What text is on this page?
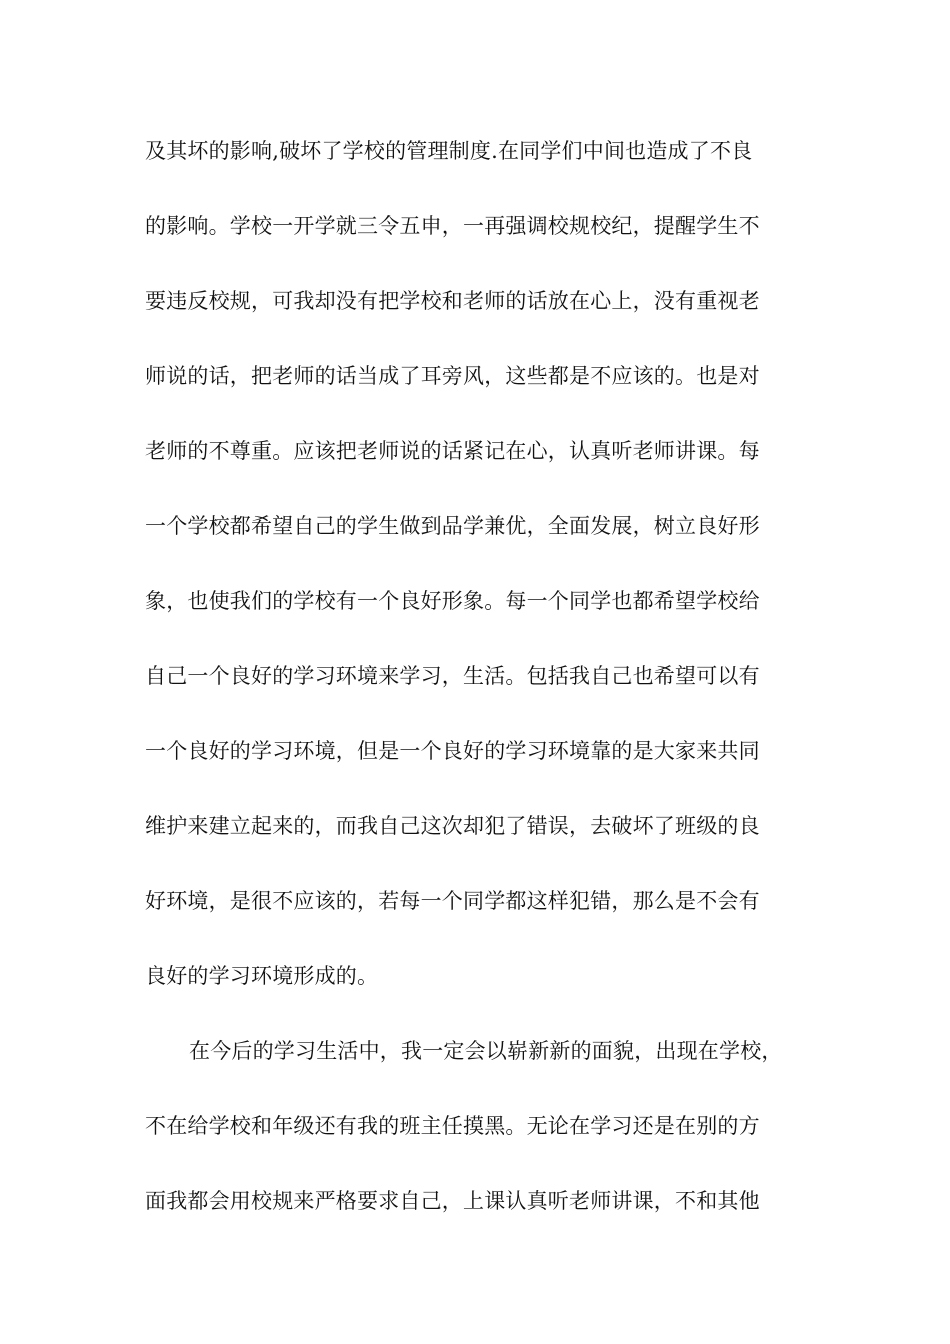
及其坏的影响,破坏了学校的管理制度.在同学们中间也造成了不良
的影响。学校一开学就三令五申，一再强调校规校纪，提醒学生不
要违反校规，可我却没有把学校和老师的话放在心上，没有重视老
师说的话，把老师的话当成了耳旁风，这些都是不应该的。也是对
老师的不尊重。应该把老师说的话紧记在心，认真听老师讲课。每
一个学校都希望自己的学生做到品学兼优，全面发展，树立良好形
象，也使我们的学校有一个良好形象。每一个同学也都希望学校给
自己一个良好的学习环境来学习，生活。包括我自己也希望可以有
一个良好的学习环境，但是一个良好的学习环境靠的是大家来共同
维护来建立起来的，而我自己这次却犯了错误，去破坏了班级的良
好环境，是很不应该的，若每一个同学都这样犯错，那么是不会有
良好的学习环境形成的。
在今后的学习生活中，我一定会以崭新新的面貌，出现在学校，
不在给学校和年级还有我的班主任摸黑。无论在学习还是在别的方
面我都会用校规来严格要求自己，上课认真听老师讲课，不和其他
